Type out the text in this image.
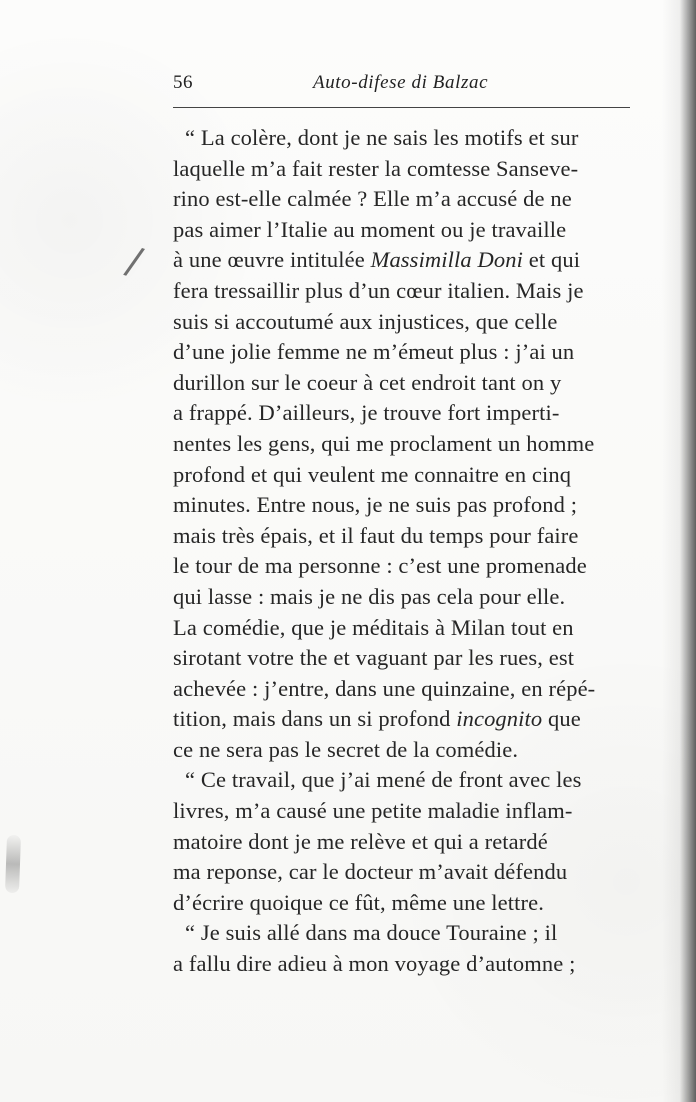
/
56	Auto-difese di Balzac
“ La colère, dont je ne sais les motifs et sur
laquelle m’a fait rester la comtesse Sanseve-
rino est-elle calmée ? Elle m’a accusé de ne
pas aimer l’Italie au moment ou je travaille
à une œuvre intitulée Massimilla Doni et qui
fera tressaillir plus d’un cœur italien. Mais je
suis si accoutumé aux injustices, que celle
d’une jolie femme ne m’émeut plus : j’ai un
durillon sur le coeur à cet endroit tant on y
a frappé. D’ailleurs, je trouve fort imperti-
nentes les gens, qui me proclament un homme
profond et qui veulent me connaitre en cinq
minutes. Entre nous, je ne suis pas profond ;
mais très épais, et il faut du temps pour faire
le tour de ma personne : c’est une promenade
qui lasse : mais je ne dis pas cela pour elle.
La comédie, que je méditais à Milan tout en
sirotant votre the et vaguant par les rues, est
achevée : j’entre, dans une quinzaine, en répé-
tition, mais dans un si profond incognito que
ce ne sera pas le secret de la comédie.
“ Ce travail, que j’ai mené de front avec les
livres, m’a causé une petite maladie inflam-
matoire dont je me relève et qui a retardé
ma reponse, car le docteur m’avait défendu
d’écrire quoique ce fût, même une lettre.
“ Je suis allé dans ma douce Touraine ; il
a fallu dire adieu à mon voyage d’automne ;
